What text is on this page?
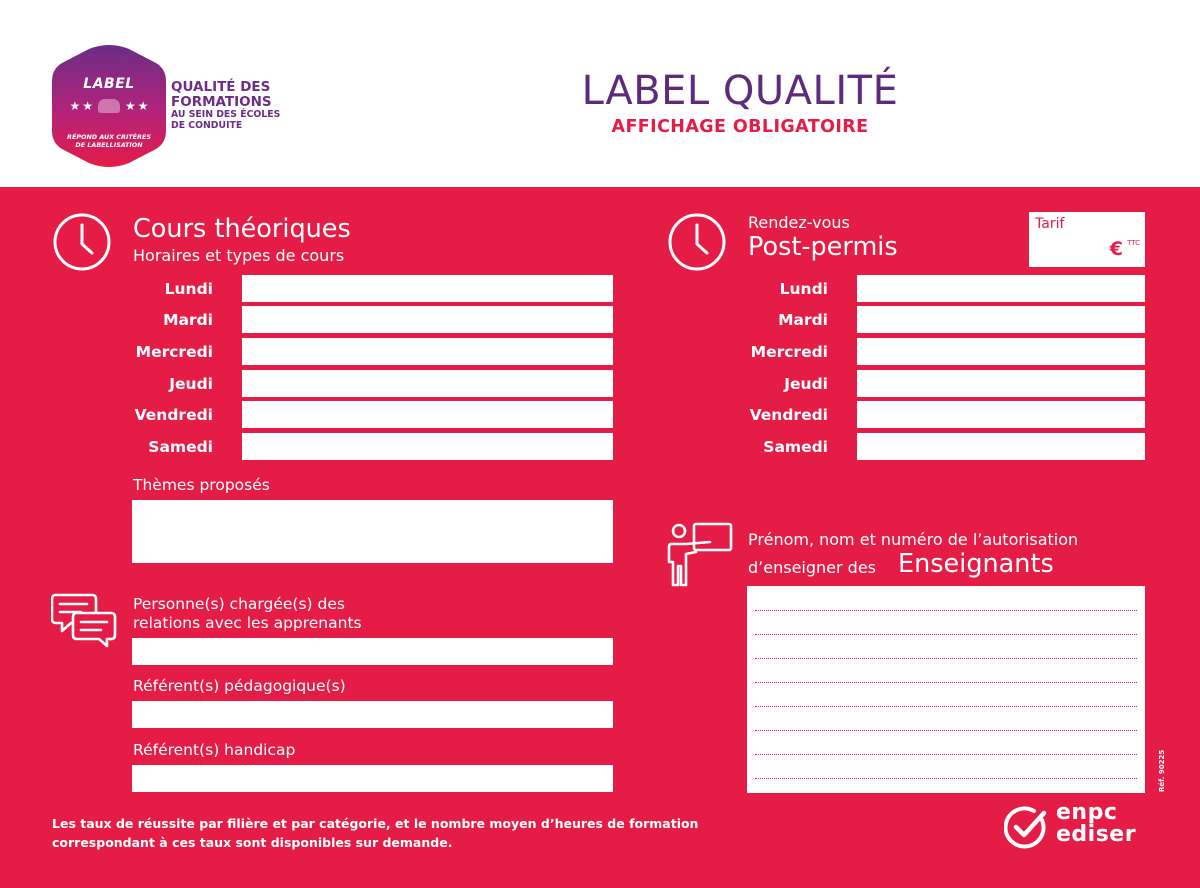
LABEL
★ ★	★ ★
RÉPOND AUX CRITÈRES DE LABELLISATION
QUALITÉ DES
FORMATIONS
AU SEIN DES ÉCOLES
DE CONDUITE
LABEL QUALITÉ
AFFICHAGE OBLIGATOIRE
Cours théoriques
Horaires et types de cours
Lundi
Mardi
Mercredi
Jeudi
Vendredi
Samedi
Thèmes proposés
Personne(s) chargée(s) des
relations avec les apprenants
Référent(s) pédagogique(s)
Référent(s) handicap
Rendez-vous
Post-permis
Tarif
€ TTC
Lundi
Mardi
Mercredi
Jeudi
Vendredi
Samedi
Prénom, nom et numéro de l’autorisation
d’enseigner des Enseignants
Les taux de réussite par filière et par catégorie, et le nombre moyen d’heures de formation
correspondant à ces taux sont disponibles sur demande.
Réf. 90225
enpc
ediser
